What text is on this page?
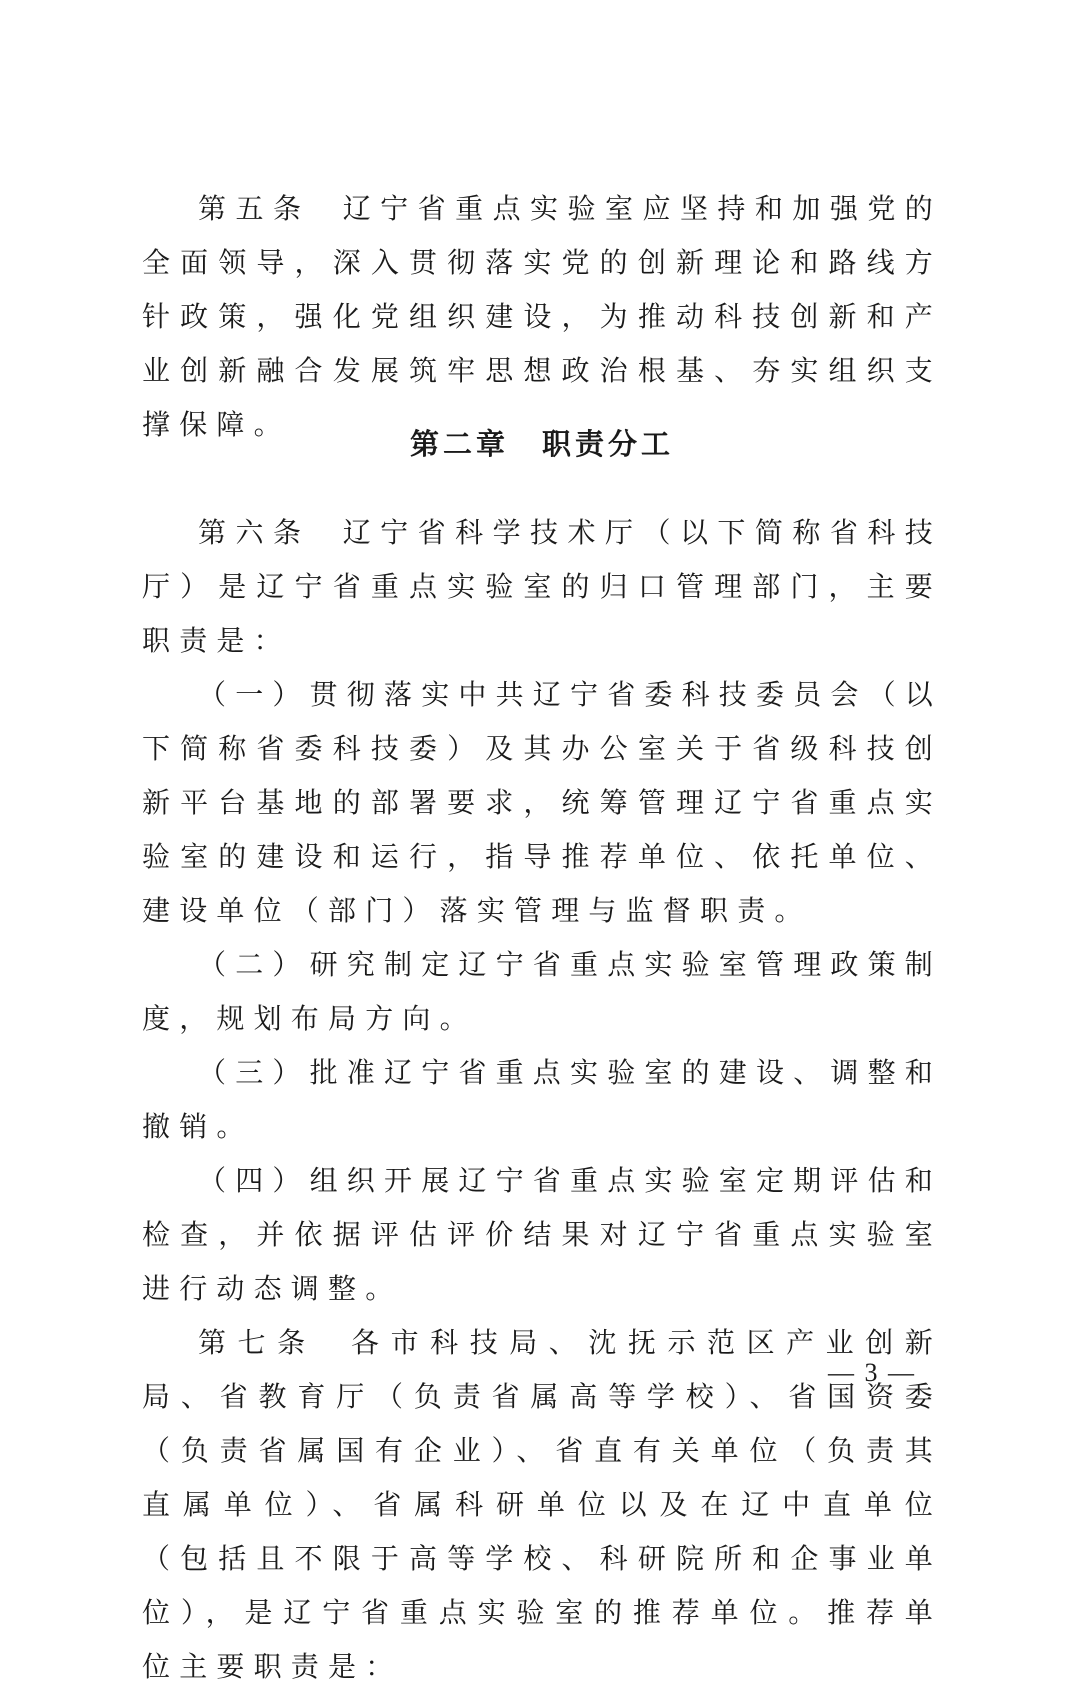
第五条 辽宁省重点实验室应坚持和加强党的全面领导，深入贯彻落实党的创新理论和路线方针政策，强化党组织建设，为推动科技创新和产业创新融合发展筑牢思想政治根基、夯实组织支撑保障。

第二章　职责分工

第六条 辽宁省科学技术厅（以下简称省科技厅）是辽宁省重点实验室的归口管理部门，主要职责是：

（一）贯彻落实中共辽宁省委科技委员会（以下简称省委科技委）及其办公室关于省级科技创新平台基地的部署要求，统筹管理辽宁省重点实验室的建设和运行，指导推荐单位、依托单位、建设单位（部门）落实管理与监督职责。

（二）研究制定辽宁省重点实验室管理政策制度，规划布局方向。

（三）批准辽宁省重点实验室的建设、调整和撤销。

（四）组织开展辽宁省重点实验室定期评估和检查，并依据评估评价结果对辽宁省重点实验室进行动态调整。

第七条 各市科技局、沈抚示范区产业创新局、省教育厅（负责省属高等学校）、省国资委（负责省属国有企业）、省直有关单位（负责其直属单位）、省属科研单位以及在辽中直单位（包括且不限于高等学校、科研院所和企事业单位），是辽宁省重点实验室的推荐单位。推荐单位主要职责是：

— 3 —
